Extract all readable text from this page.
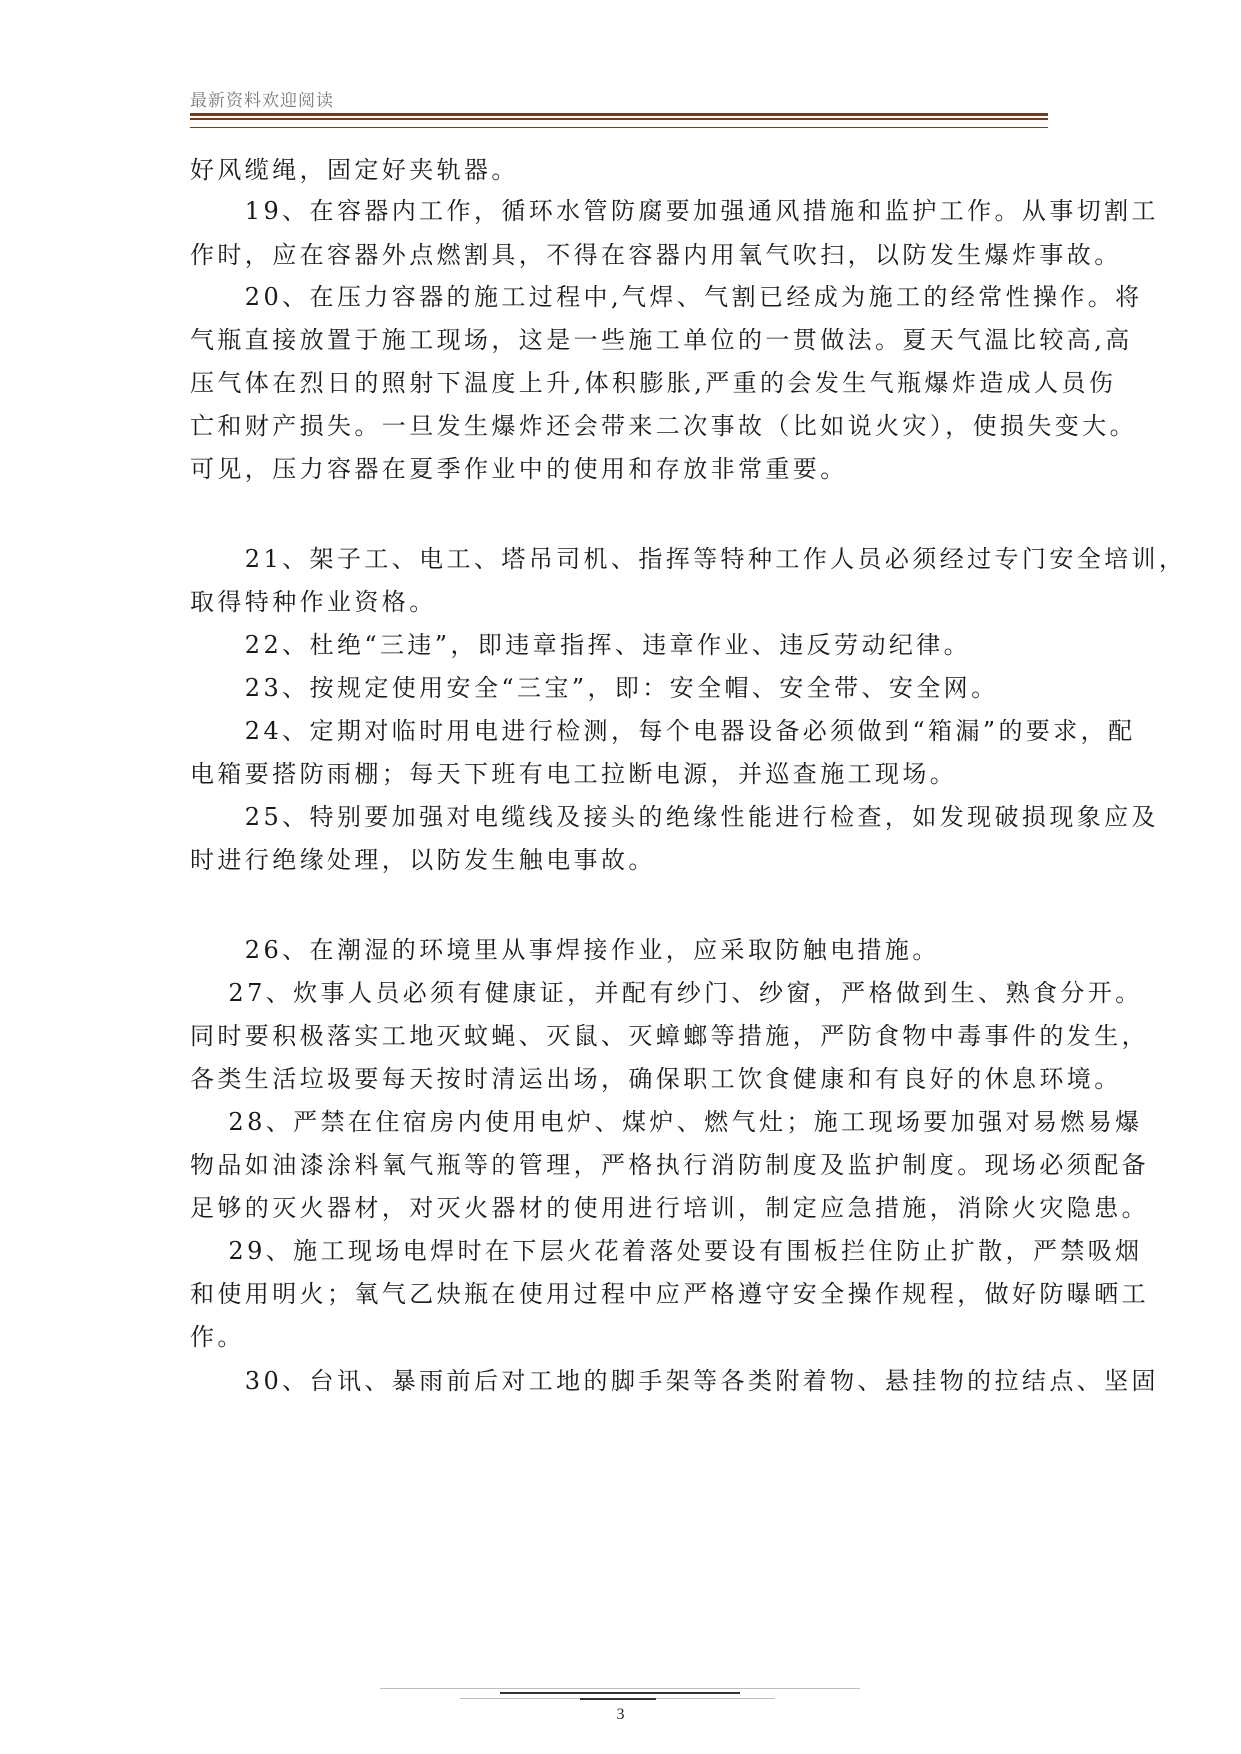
最新资料欢迎阅读
好风缆绳，固定好夹轨器。
　　19、在容器内工作，循环水管防腐要加强通风措施和监护工作。从事切割工
作时，应在容器外点燃割具，不得在容器内用氧气吹扫，以防发生爆炸事故。
　　20、在压力容器的施工过程中,气焊、气割已经成为施工的经常性操作。将
气瓶直接放置于施工现场，这是一些施工单位的一贯做法。夏天气温比较高,高
压气体在烈日的照射下温度上升,体积膨胀,严重的会发生气瓶爆炸造成人员伤
亡和财产损失。一旦发生爆炸还会带来二次事故（比如说火灾），使损失变大。
可见，压力容器在夏季作业中的使用和存放非常重要。
　　21、架子工、电工、塔吊司机、指挥等特种工作人员必须经过专门安全培训，
取得特种作业资格。
　　22、杜绝“三违”，即违章指挥、违章作业、违反劳动纪律。
　　23、按规定使用安全“三宝”，即：安全帽、安全带、安全网。
　　24、定期对临时用电进行检测，每个电器设备必须做到“箱漏”的要求，配
电箱要搭防雨棚；每天下班有电工拉断电源，并巡查施工现场。
　　25、特别要加强对电缆线及接头的绝缘性能进行检查，如发现破损现象应及
时进行绝缘处理，以防发生触电事故。
　　26、在潮湿的环境里从事焊接作业，应采取防触电措施。
　 27、炊事人员必须有健康证，并配有纱门、纱窗，严格做到生、熟食分开。
同时要积极落实工地灭蚊蝇、灭鼠、灭蟑螂等措施，严防食物中毒事件的发生，
各类生活垃圾要每天按时清运出场，确保职工饮食健康和有良好的休息环境。
　 28、严禁在住宿房内使用电炉、煤炉、燃气灶；施工现场要加强对易燃易爆
物品如油漆涂料氧气瓶等的管理，严格执行消防制度及监护制度。现场必须配备
足够的灭火器材，对灭火器材的使用进行培训，制定应急措施，消除火灾隐患。
　 29、施工现场电焊时在下层火花着落处要设有围板拦住防止扩散，严禁吸烟
和使用明火；氧气乙炔瓶在使用过程中应严格遵守安全操作规程，做好防曝晒工
作。
　　30、台讯、暴雨前后对工地的脚手架等各类附着物、悬挂物的拉结点、坚固
3
